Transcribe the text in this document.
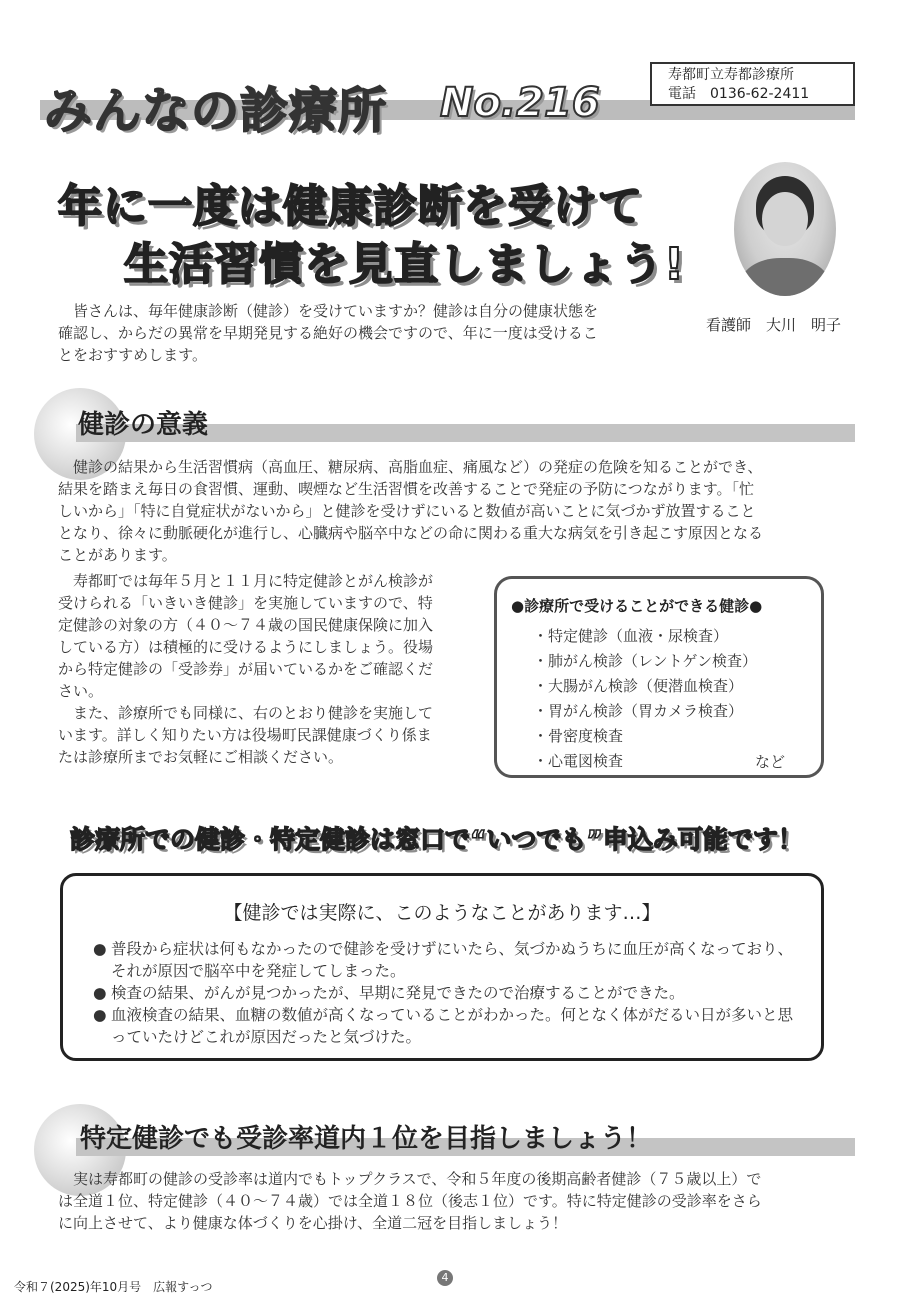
みんなの診療所 No.216
寿都町立寿都診療所
電話　0136-62-2411
年に一度は健康診断を受けて
生活習慣を見直しましょう!
看護師　大川　明子
皆さんは、毎年健康診断（健診）を受けていますか？健診は自分の健康状態を
確認し、からだの異常を早期発見する絶好の機会ですので、年に一度は受けるこ
とをおすすめします。
健診の意義
健診の結果から生活習慣病（高血圧、糖尿病、高脂血症、痛風など）の発症の危険を知ることができ、
結果を踏まえ毎日の食習慣、運動、喫煙など生活習慣を改善することで発症の予防につながります。「忙
しいから」「特に自覚症状がないから」と健診を受けずにいると数値が高いことに気づかず放置すること
となり、徐々に動脈硬化が進行し、心臓病や脳卒中などの命に関わる重大な病気を引き起こす原因となる
ことがあります。
寿都町では毎年５月と１１月に特定健診とがん検診が
受けられる「いきいき健診」を実施していますので、特
定健診の対象の方（４０～７４歳の国民健康保険に加入
している方）は積極的に受けるようにしましょう。役場
から特定健診の「受診券」が届いているかをご確認くだ
さい。
また、診療所でも同様に、右のとおり健診を実施して
います。詳しく知りたい方は役場町民課健康づくり係ま
たは診療所までお気軽にご相談ください。
●診療所で受けることができる健診●
・特定健診（血液・尿検査）
・肺がん検診（レントゲン検査）
・大腸がん検診（便潜血検査）
・胃がん検診（胃カメラ検査）
・骨密度検査
・心電図検査	など
診療所での健診・特定健診は窓口で“いつでも”申込み可能です！
【健診では実際に、このようなことがあります…】
● 普段から症状は何もなかったので健診を受けずにいたら、気づかぬうちに血圧が高くなっており、それが原因で脳卒中を発症してしまった。
● 検査の結果、がんが見つかったが、早期に発見できたので治療することができた。
● 血液検査の結果、血糖の数値が高くなっていることがわかった。何となく体がだるい日が多いと思っていたけどこれが原因だったと気づけた。
特定健診でも受診率道内１位を目指しましょう！
実は寿都町の健診の受診率は道内でもトップクラスで、令和５年度の後期高齢者健診（７５歳以上）で
は全道１位、特定健診（４０～７４歳）では全道１８位（後志１位）です。特に特定健診の受診率をさら
に向上させて、より健康な体づくりを心掛け、全道二冠を目指しましょう！
令和７(2025)年10月号　広報すっつ
4
